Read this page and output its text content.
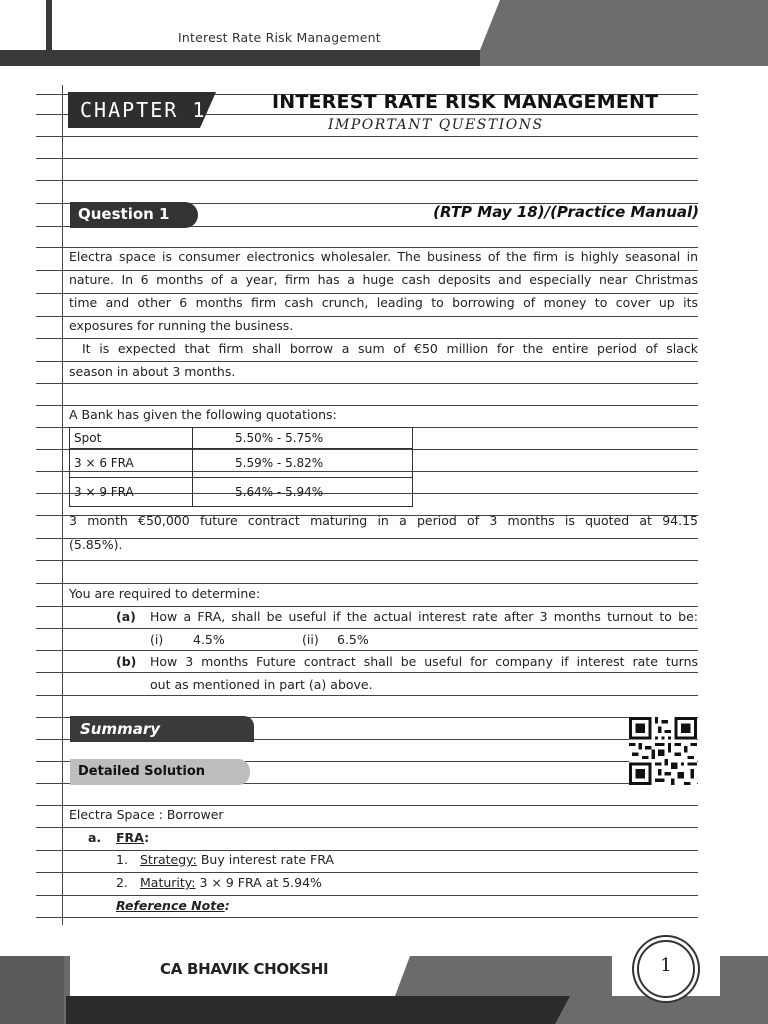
Interest Rate Risk Management
CHAPTER 1	INTEREST RATE RISK MANAGEMENT
IMPORTANT QUESTIONS
Question 1	(RTP May 18)/(Practice Manual)
Electra space is consumer electronics wholesaler. The business of the firm is highly seasonal in
nature. In 6 months of a year, firm has a huge cash deposits and especially near Christmas
time and other 6 months firm cash crunch, leading to borrowing of money to cover up its
exposures for running the business.
It is expected that firm shall borrow a sum of €50 million for the entire period of slack
season in about 3 months.
A Bank has given the following quotations:
Spot	5.50% - 5.75%
3 × 6 FRA	5.59% - 5.82%
3 × 9 FRA	5.64% - 5.94%
3 month €50,000 future contract maturing in a period of 3 months is quoted at 94.15
(5.85%).
You are required to determine:
(a) How a FRA, shall be useful if the actual interest rate after 3 months turnout to be:
(i) 4.5%	(ii) 6.5%
(b) How 3 months Future contract shall be useful for company if interest rate turns
out as mentioned in part (a) above.
Summary
Detailed Solution
Electra Space : Borrower
a. FRA:
1. Strategy: Buy interest rate FRA
2. Maturity: 3 × 9 FRA at 5.94%
Reference Note:
CA BHAVIK CHOKSHI	1
